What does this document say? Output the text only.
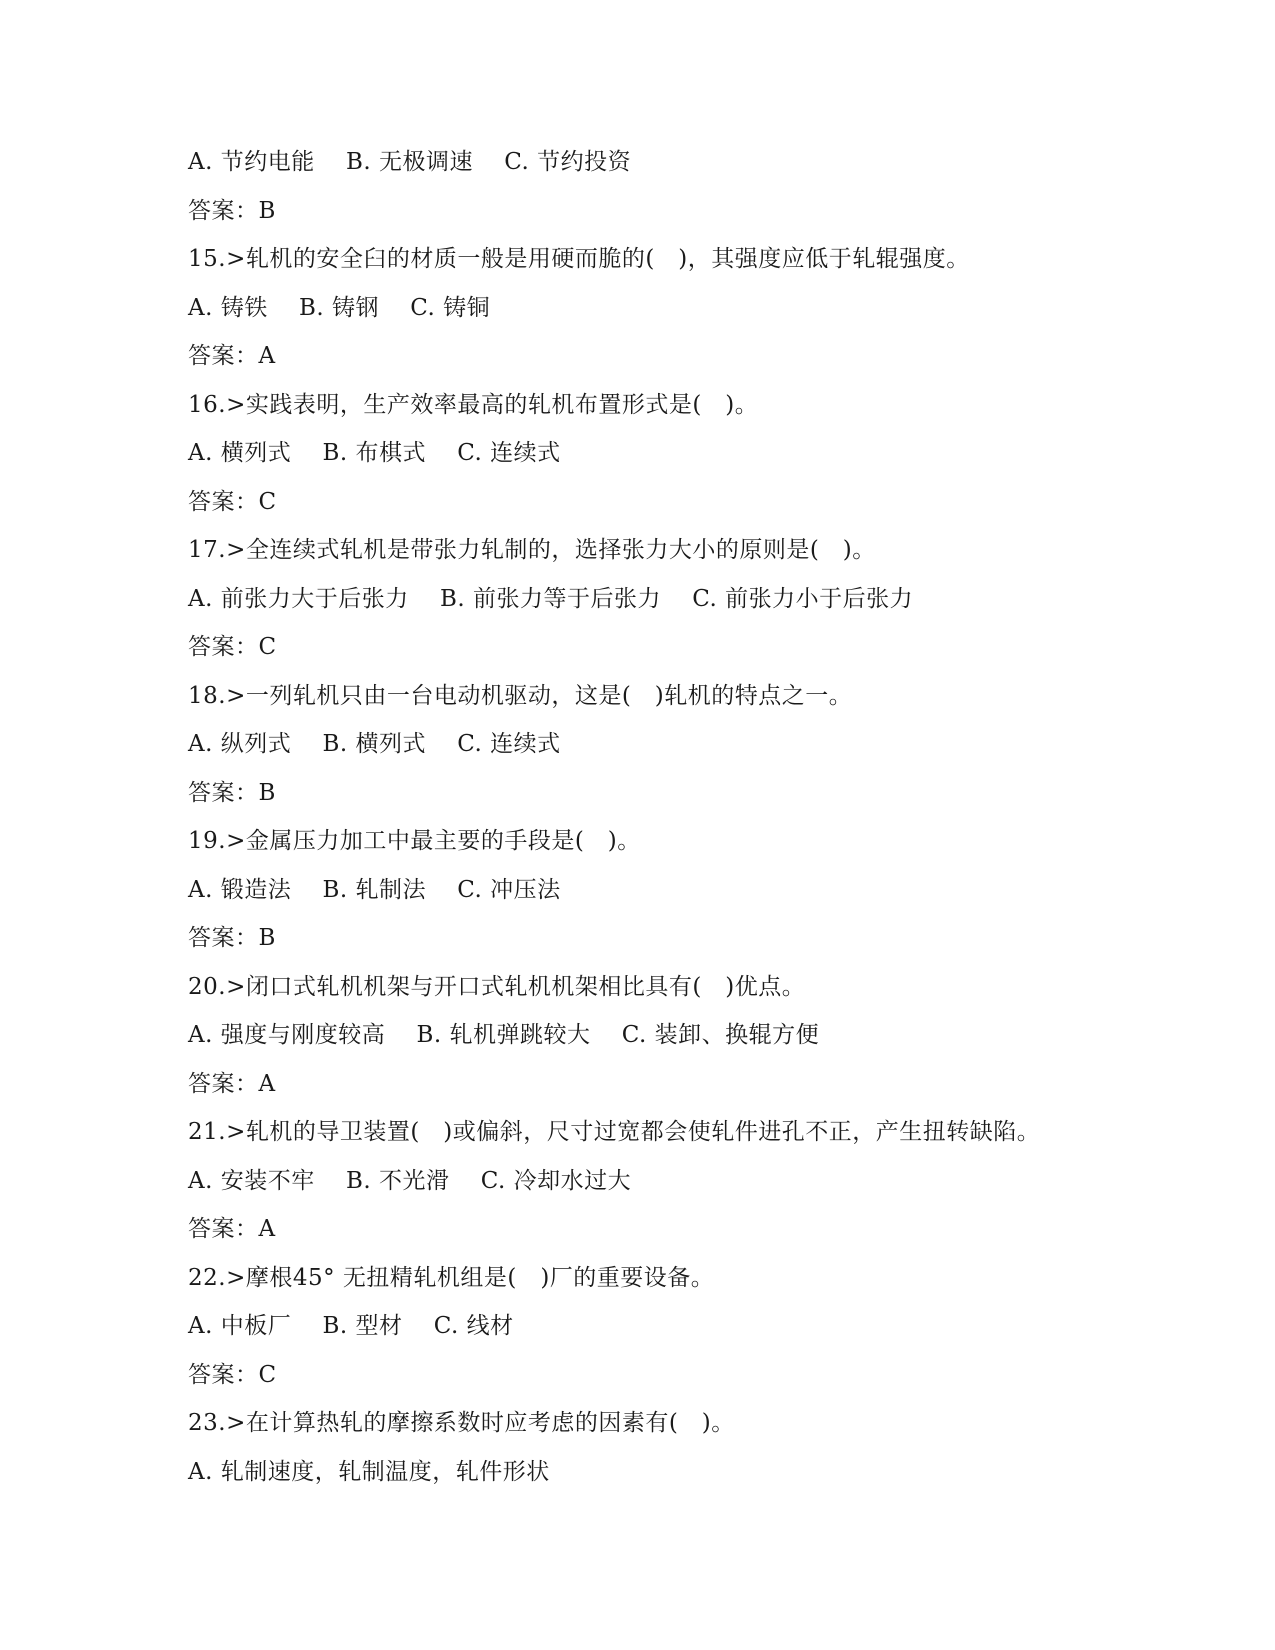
A. 节约电能    B. 无极调速    C. 节约投资
答案：B
15.>轧机的安全臼的材质一般是用硬而脆的(   )，其强度应低于轧辊强度。
A. 铸铁    B. 铸钢    C. 铸铜
答案：A
16.>实践表明，生产效率最高的轧机布置形式是(   )。
A. 横列式    B. 布棋式    C. 连续式
答案：C
17.>全连续式轧机是带张力轧制的，选择张力大小的原则是(   )。
A. 前张力大于后张力    B. 前张力等于后张力    C. 前张力小于后张力
答案：C
18.>一列轧机只由一台电动机驱动，这是(   )轧机的特点之一。
A. 纵列式    B. 横列式    C. 连续式
答案：B
19.>金属压力加工中最主要的手段是(   )。
A. 锻造法    B. 轧制法    C. 冲压法
答案：B
20.>闭口式轧机机架与开口式轧机机架相比具有(   )优点。
A. 强度与刚度较高    B. 轧机弹跳较大    C. 装卸、换辊方便
答案：A
21.>轧机的导卫装置(   )或偏斜，尺寸过宽都会使轧件进孔不正，产生扭转缺陷。
A. 安装不牢    B. 不光滑    C. 冷却水过大
答案：A
22.>摩根45° 无扭精轧机组是(   )厂的重要设备。
A. 中板厂    B. 型材    C. 线材
答案：C
23.>在计算热轧的摩擦系数时应考虑的因素有(   )。
A. 轧制速度，轧制温度，轧件形状
